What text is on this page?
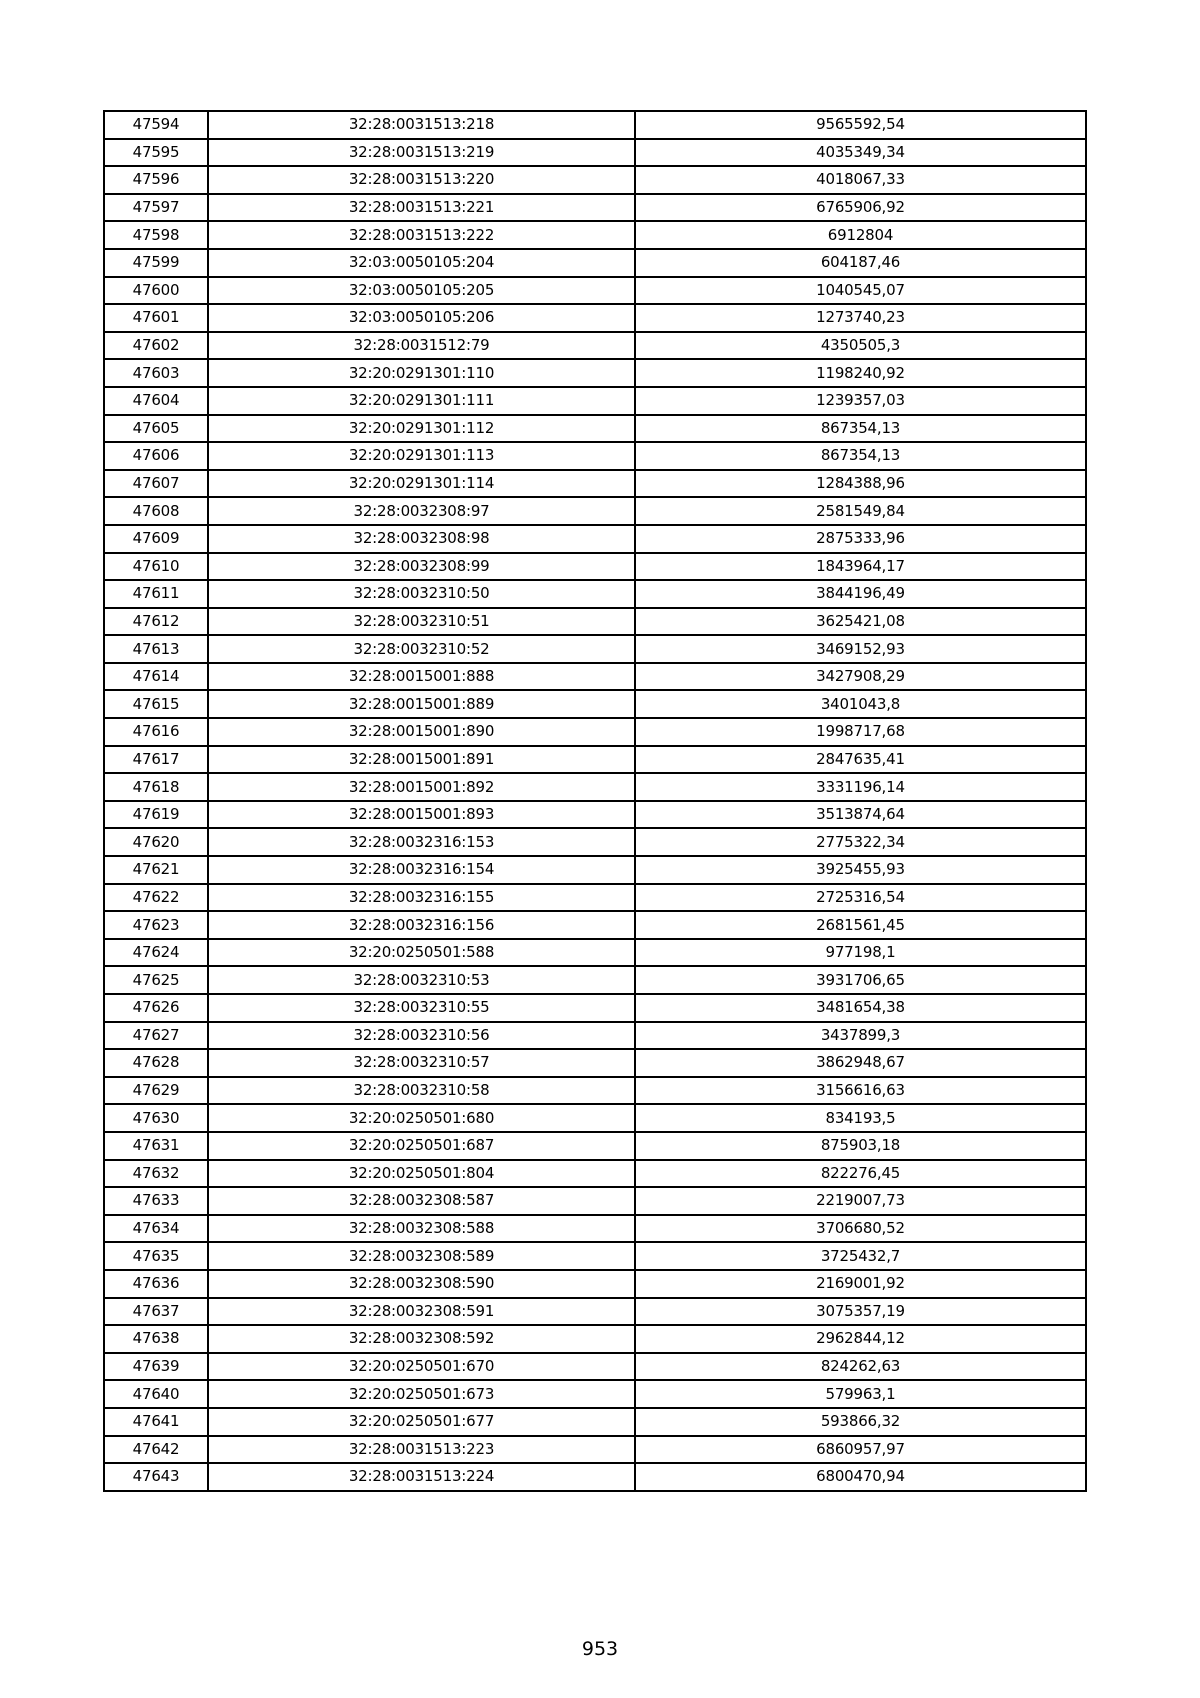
47594	32:28:0031513:218	9565592,54
47595	32:28:0031513:219	4035349,34
47596	32:28:0031513:220	4018067,33
47597	32:28:0031513:221	6765906,92
47598	32:28:0031513:222	6912804
47599	32:03:0050105:204	604187,46
47600	32:03:0050105:205	1040545,07
47601	32:03:0050105:206	1273740,23
47602	32:28:0031512:79	4350505,3
47603	32:20:0291301:110	1198240,92
47604	32:20:0291301:111	1239357,03
47605	32:20:0291301:112	867354,13
47606	32:20:0291301:113	867354,13
47607	32:20:0291301:114	1284388,96
47608	32:28:0032308:97	2581549,84
47609	32:28:0032308:98	2875333,96
47610	32:28:0032308:99	1843964,17
47611	32:28:0032310:50	3844196,49
47612	32:28:0032310:51	3625421,08
47613	32:28:0032310:52	3469152,93
47614	32:28:0015001:888	3427908,29
47615	32:28:0015001:889	3401043,8
47616	32:28:0015001:890	1998717,68
47617	32:28:0015001:891	2847635,41
47618	32:28:0015001:892	3331196,14
47619	32:28:0015001:893	3513874,64
47620	32:28:0032316:153	2775322,34
47621	32:28:0032316:154	3925455,93
47622	32:28:0032316:155	2725316,54
47623	32:28:0032316:156	2681561,45
47624	32:20:0250501:588	977198,1
47625	32:28:0032310:53	3931706,65
47626	32:28:0032310:55	3481654,38
47627	32:28:0032310:56	3437899,3
47628	32:28:0032310:57	3862948,67
47629	32:28:0032310:58	3156616,63
47630	32:20:0250501:680	834193,5
47631	32:20:0250501:687	875903,18
47632	32:20:0250501:804	822276,45
47633	32:28:0032308:587	2219007,73
47634	32:28:0032308:588	3706680,52
47635	32:28:0032308:589	3725432,7
47636	32:28:0032308:590	2169001,92
47637	32:28:0032308:591	3075357,19
47638	32:28:0032308:592	2962844,12
47639	32:20:0250501:670	824262,63
47640	32:20:0250501:673	579963,1
47641	32:20:0250501:677	593866,32
47642	32:28:0031513:223	6860957,97
47643	32:28:0031513:224	6800470,94
953
